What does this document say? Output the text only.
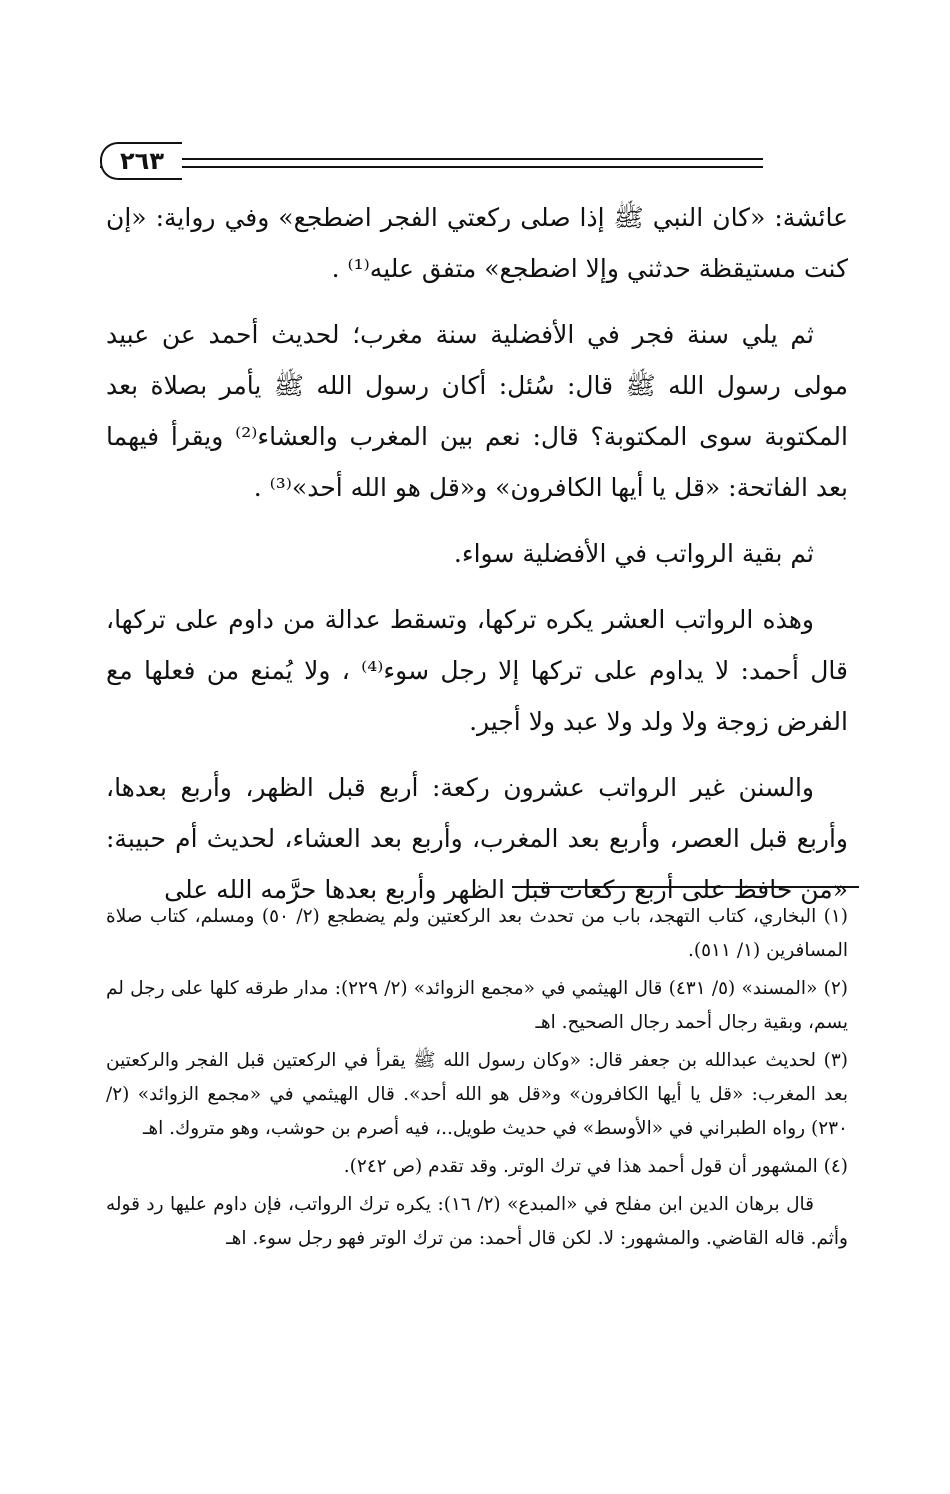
٢٦٣

عائشة: «كان النبي ﷺ إذا صلى ركعتي الفجر اضطجع» وفي رواية: «إن كنت مستيقظة حدثني وإلا اضطجع» متفق عليه⁽¹⁾ .

ثم يلي سنة فجر في الأفضلية سنة مغرب؛ لحديث أحمد عن عبيد مولى رسول الله ﷺ قال: سُئل: أكان رسول الله ﷺ يأمر بصلاة بعد المكتوبة سوى المكتوبة؟ قال: نعم بين المغرب والعشاء⁽²⁾ ويقرأ فيهما بعد الفاتحة: «قل يا أيها الكافرون» و«قل هو الله أحد»⁽³⁾ .

ثم بقية الرواتب في الأفضلية سواء.

وهذه الرواتب العشر يكره تركها، وتسقط عدالة من داوم على تركها، قال أحمد: لا يداوم على تركها إلا رجل سوء⁽⁴⁾ ، ولا يُمنع من فعلها مع الفرض زوجة ولا ولد ولا عبد ولا أجير.

والسنن غير الرواتب عشرون ركعة: أربع قبل الظهر، وأربع بعدها، وأربع قبل العصر، وأربع بعد المغرب، وأربع بعد العشاء، لحديث أم حبيبة: «من حافظ على أربع ركعات قبل الظهر وأربع بعدها حرَّمه الله على

(١) البخاري، كتاب التهجد، باب من تحدث بعد الركعتين ولم يضطجع (٢/ ٥٠) ومسلم، كتاب صلاة المسافرين (١/ ٥١١).

(٢) «المسند» (٥/ ٤٣١) قال الهيثمي في «مجمع الزوائد» (٢/ ٢٢٩): مدار طرقه كلها على رجل لم يسم، وبقية رجال أحمد رجال الصحيح. اهـ

(٣) لحديث عبدالله بن جعفر قال: «وكان رسول الله ﷺ يقرأ في الركعتين قبل الفجر والركعتين بعد المغرب: «قل يا أيها الكافرون» و«قل هو الله أحد». قال الهيثمي في «مجمع الزوائد» (٢/ ٢٣٠) رواه الطبراني في «الأوسط» في حديث طويل..، فيه أصرم بن حوشب، وهو متروك. اهـ

(٤) المشهور أن قول أحمد هذا في ترك الوتر. وقد تقدم (ص ٢٤٢).

قال برهان الدين ابن مفلح في «المبدع» (٢/ ١٦): يكره ترك الرواتب، فإن داوم عليها رد قوله وأثم. قاله القاضي. والمشهور: لا. لكن قال أحمد: من ترك الوتر فهو رجل سوء. اهـ
